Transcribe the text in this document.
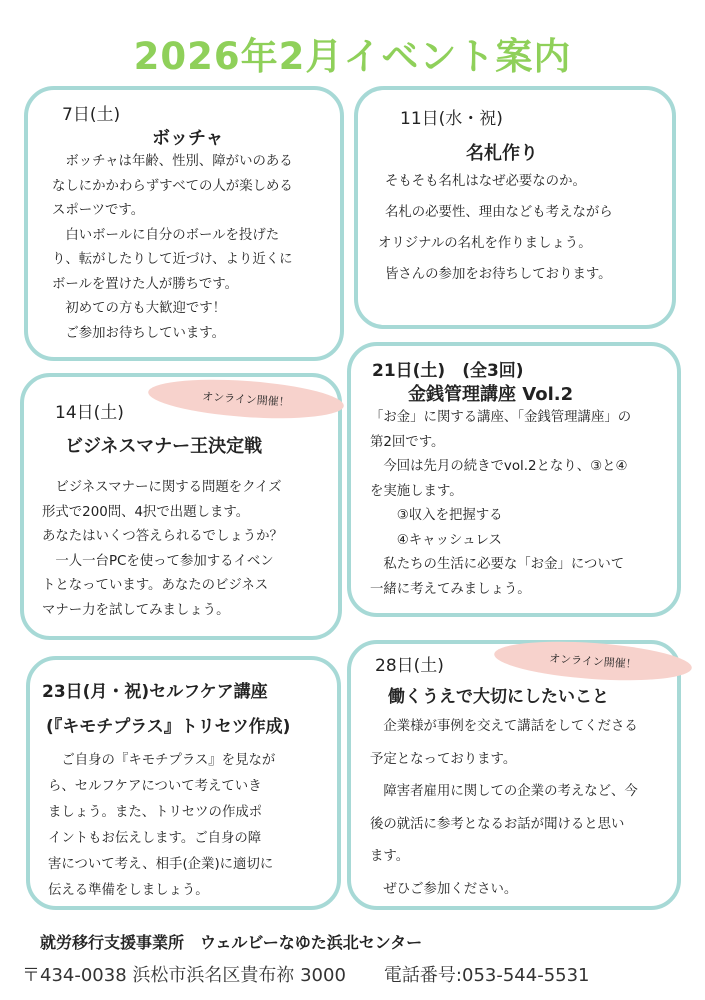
2026年2月イベント案内
7日(土)
ボッチャ
　ボッチャは年齢、性別、障がいのある
なしにかかわらずすべての人が楽しめる
スポーツです。
　白いボールに自分のボールを投げた
り、転がしたりして近づけ、より近くに
ボールを置けた人が勝ちです。
　初めての方も大歓迎です！
　ご参加お待ちしています。
11日(水・祝)
名札作り
そもそも名札はなぜ必要なのか。
名札の必要性、理由なども考えながら
オリジナルの名札を作りましょう。
皆さんの参加をお待ちしております。
オンライン開催！
14日(土)
ビジネスマナー王決定戦
　ビジネスマナーに関する問題をクイズ
形式で200問、4択で出題します。
あなたはいくつ答えられるでしょうか？
　一人一台PCを使って参加するイベン
トとなっています。あなたのビジネス
マナー力を試してみましょう。
21日(土)　(全3回)
金銭管理講座 Vol.2
「お金」に関する講座、「金銭管理講座」の
第2回です。
　今回は先月の続きでvol.2となり、③と④
を実施します。
　　③収入を把握する
　　④キャッシュレス
　私たちの生活に必要な「お金」について
一緒に考えてみましょう。
23日(月・祝)セルフケア講座
(『キモチプラス』トリセツ作成)
　ご自身の『キモチプラス』を見なが
ら、セルフケアについて考えていき
ましょう。また、トリセツの作成ポ
イントもお伝えします。ご自身の障
害について考え、相手(企業)に適切に
伝える準備をしましょう。
オンライン開催！
28日(土)
働くうえで大切にしたいこと
　企業様が事例を交えて講話をしてくださる
予定となっております。
　障害者雇用に関しての企業の考えなど、今
後の就活に参考となるお話が聞けると思い
ます。
　ぜひご参加ください。
就労移行支援事業所　ウェルビーなゆた浜北センター
〒434-0038 浜松市浜名区貴布祢 3000 電話番号:053-544-5531
